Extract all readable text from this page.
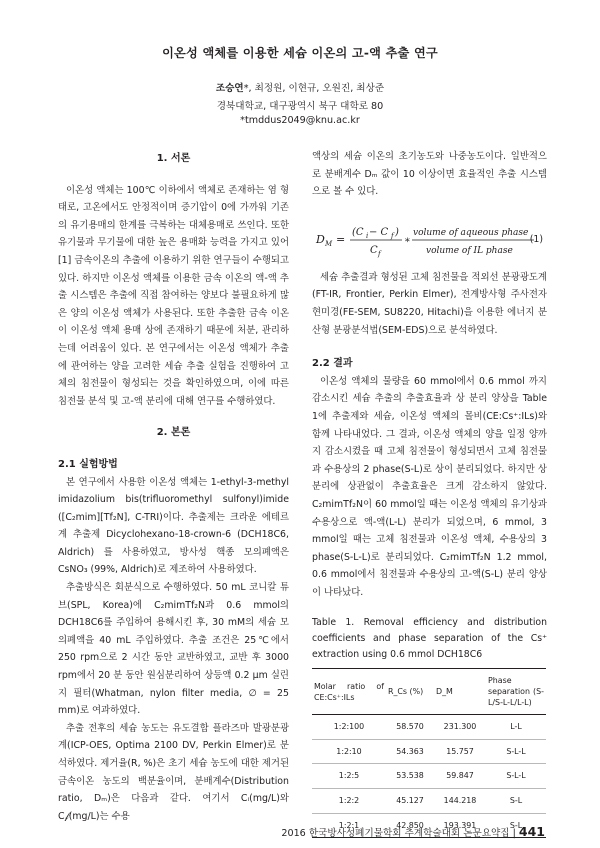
이온성 액체를 이용한 세슘 이온의 고-액 추출 연구
조승연*, 최정원, 이현규, 오원진, 최상준
경북대학교, 대구광역시 북구 대학로 80
*tmddus2049@knu.ac.kr

1. 서론

이온성 액체는 100℃ 이하에서 액체로 존재하는 염 형태로, 고온에서도 안정적이며 증기압이 0에 가까워 기존의 유기용매의 한계를 극복하는 대체용매로 쓰인다. 또한 유기물과 무기물에 대한 높은 용매화 능력을 가지고 있어[1] 금속이온의 추출에 이용하기 위한 연구들이 수행되고 있다. 하지만 이온성 액체를 이용한 금속 이온의 액-액 추출 시스템은 추출에 직접 참여하는 양보다 불필요하게 많은 양의 이온성 액체가 사용된다. 또한 추출한 금속 이온이 이온성 액체 용매 상에 존재하기 때문에 처분, 관리하는데 어려움이 있다. 본 연구에서는 이온성 액체가 추출에 관여하는 양을 고려한 세슘 추출 실험을 진행하여 고체의 침전물이 형성되는 것을 확인하였으며, 이에 따른 침전물 분석 및 고-액 분리에 대해 연구를 수행하였다.

2. 본론

2.1 실험방법

본 연구에서 사용한 이온성 액체는 1-ethyl-3-methyl imidazolium bis(trifluoromethyl sulfonyl)imide ([C₂mim][Tf₂N], C-TRI)이다. 추출제는 크라운 에테르계 추출제 Dicyclohexano-18-crown-6 (DCH18C6, Aldrich) 를 사용하였고, 방사성 핵종 모의폐액은 CsNO₃ (99%, Aldrich)로 제조하여 사용하였다.

추출방식은 회분식으로 수행하였다. 50 mL 코니칼 튜브(SPL, Korea)에 C₂mimTf₂N과 0.6 mmol의 DCH18C6를 주입하여 용해시킨 후, 30 mM의 세슘 모의폐액을 40 mL 주입하였다. 추출 조건은 25℃에서 250 rpm으로 2 시간 동안 교반하였고, 교반 후 3000 rpm에서 20 분 동안 원심분리하여 상등액 0.2 μm 실린지 필터(Whatman, nylon filter media, ∅ = 25 mm)로 여과하였다.

추출 전후의 세슘 농도는 유도결합 플라즈마 발광분광계(ICP-OES, Optima 2100 DV, Perkin Elmer)로 분석하였다. 제거율(R, %)은 초기 세슘 농도에 대한 제거된 금속이온 농도의 백분율이며, 분배계수(Distribution ratio, Dₘ)은 다음과 같다. 여기서 Cᵢ(mg/L)와 C𝒻(mg/L)는 수용

액상의 세슘 이온의 초기농도와 나중농도이다. 일반적으로 분배계수 Dₘ 값이 10 이상이면 효율적인 추출 시스템으로 볼 수 있다.

D M =
(C i − C f )
C f
∗
volume of aqueous phase
volume of IL phase
(1)

세슘 추출결과 형성된 고체 침전물을 적외선 분광광도계(FT-IR, Frontier, Perkin Elmer), 전계방사형 주사전자현미경(FE-SEM, SU8220, Hitachi)을 이용한 에너지 분산형 분광분석법(SEM-EDS)으로 분석하였다.

2.2 결과

이온성 액체의 물량을 60 mmol에서 0.6 mmol 까지 감소시킨 세슘 추출의 추출효율과 상 분리 양상을 Table 1에 추출제와 세슘, 이온성 액체의 몰비(CE:Cs⁺:ILs)와 함께 나타내었다. 그 결과, 이온성 액체의 양을 일정 양까지 감소시켰을 때 고체 침전물이 형성되면서 고체 침전물과 수용상의 2 phase(S-L)로 상이 분리되었다. 하지만 상 분리에 상관없이 추출효율은 크게 감소하지 않았다. C₂mimTf₂N이 60 mmol일 때는 이온성 액체의 유기상과 수용상으로 액-액(L-L) 분리가 되었으며, 6 mmol, 3 mmol일 때는 고체 침전물과 이온성 액체, 수용상의 3 phase(S-L-L)로 분리되었다. C₂mimTf₂N 1.2 mmol, 0.6 mmol에서 침전물과 수용상의 고-액(S-L) 분리 양상이 나타났다.

Table 1. Removal efficiency and distribution coefficients and phase separation of the Cs⁺ extraction using 0.6 mmol DCH18C6

Molar ratio of CE:Cs⁺:ILs	R_Cs (%)	D_M	Phase separation (S-L/S-L-L/L-L)
1:2:100	58.570	231.300	L-L
1:2:10	54.363	15.757	S-L-L
1:2:5	53.538	59.847	S-L-L
1:2:2	45.127	144.218	S-L
1:2:1	42.850	193.391	S-L
2016 한국방사성폐기물학회 추계학술대회 논문요약집 | 441
